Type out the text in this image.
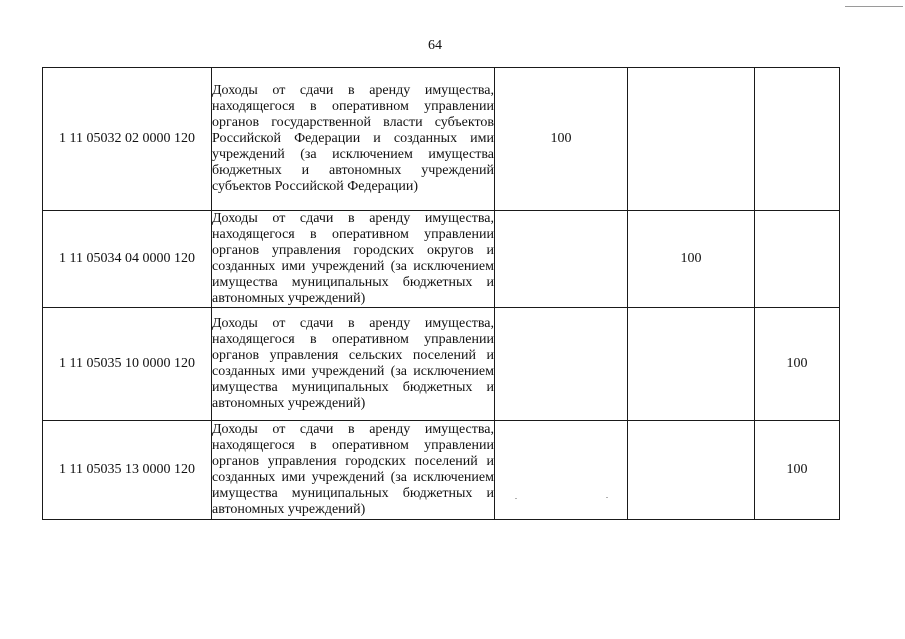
64
1 11 05032 02 0000 120	Доходы от сдачи в аренду имущества, находящегося в оперативном управлении органов государственной власти субъектов Российской Федерации и созданных ими учреждений (за исключением имущества бюджетных и автономных учреждений субъектов Российской Федерации)	100		
1 11 05034 04 0000 120	Доходы от сдачи в аренду имущества, находящегося в оперативном управлении органов управления городских округов и созданных ими учреждений (за исключением имущества муниципальных бюджетных и автономных учреждений)		100	
1 11 05035 10 0000 120	Доходы от сдачи в аренду имущества, находящегося в оперативном управлении органов управления сельских поселений и созданных ими учреждений (за исключением имущества муниципальных бюджетных и автономных учреждений)			100
1 11 05035 13 0000 120	Доходы от сдачи в аренду имущества, находящегося в оперативном управлении органов управления городских поселений и созданных ими учреждений (за исключением имущества муниципальных бюджетных и автономных учреждений)			100
